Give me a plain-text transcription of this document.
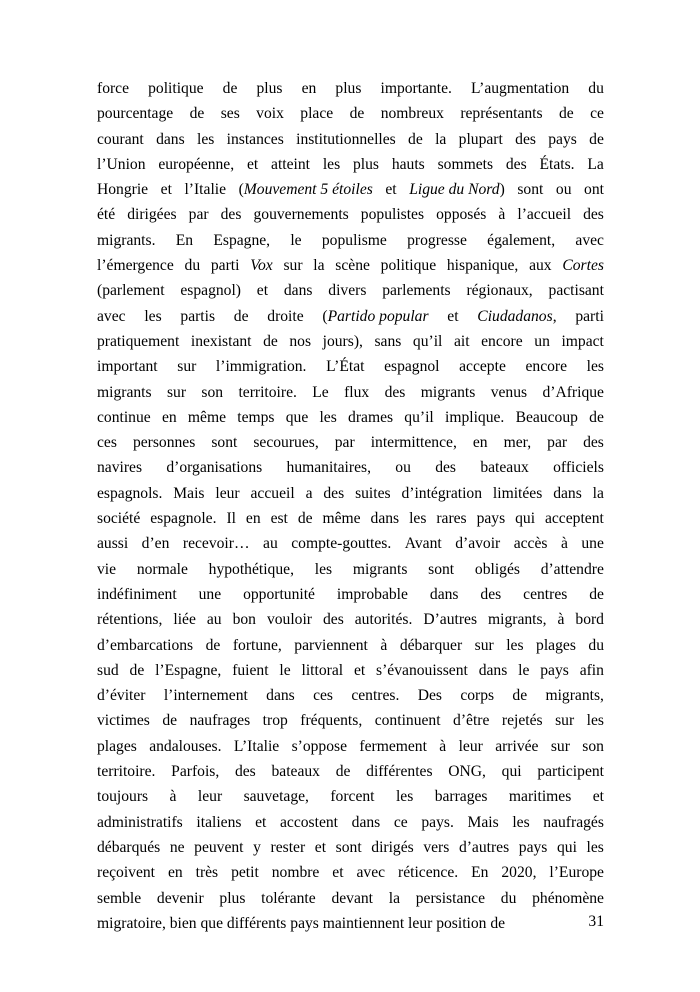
force politique de plus en plus importante. L’augmentation du
pourcentage de ses voix place de nombreux représentants de ce
courant dans les instances institutionnelles de la plupart des pays de
l’Union européenne, et atteint les plus hauts sommets des États. La
Hongrie et l’Italie (Mouvement 5 étoiles et Ligue du Nord) sont ou ont
été dirigées par des gouvernements populistes opposés à l’accueil des
migrants. En Espagne, le populisme progresse également, avec
l’émergence du parti Vox sur la scène politique hispanique, aux Cortes
(parlement espagnol) et dans divers parlements régionaux, pactisant
avec les partis de droite (Partido popular et Ciudadanos, parti
pratiquement inexistant de nos jours), sans qu’il ait encore un impact
important sur l’immigration. L’État espagnol accepte encore les
migrants sur son territoire. Le flux des migrants venus d’Afrique
continue en même temps que les drames qu’il implique. Beaucoup de
ces personnes sont secourues, par intermittence, en mer, par des
navires d’organisations humanitaires, ou des bateaux officiels
espagnols. Mais leur accueil a des suites d’intégration limitées dans la
société espagnole. Il en est de même dans les rares pays qui acceptent
aussi d’en recevoir… au compte-gouttes. Avant d’avoir accès à une
vie normale hypothétique, les migrants sont obligés d’attendre
indéfiniment une opportunité improbable dans des centres de
rétentions, liée au bon vouloir des autorités. D’autres migrants, à bord
d’embarcations de fortune, parviennent à débarquer sur les plages du
sud de l’Espagne, fuient le littoral et s’évanouissent dans le pays afin
d’éviter l’internement dans ces centres. Des corps de migrants,
victimes de naufrages trop fréquents, continuent d’être rejetés sur les
plages andalouses. L’Italie s’oppose fermement à leur arrivée sur son
territoire. Parfois, des bateaux de différentes ONG, qui participent
toujours à leur sauvetage, forcent les barrages maritimes et
administratifs italiens et accostent dans ce pays. Mais les naufragés
débarqués ne peuvent y rester et sont dirigés vers d’autres pays qui les
reçoivent en très petit nombre et avec réticence. En 2020, l’Europe
semble devenir plus tolérante devant la persistance du phénomène
migratoire, bien que différents pays maintiennent leur position de	31
